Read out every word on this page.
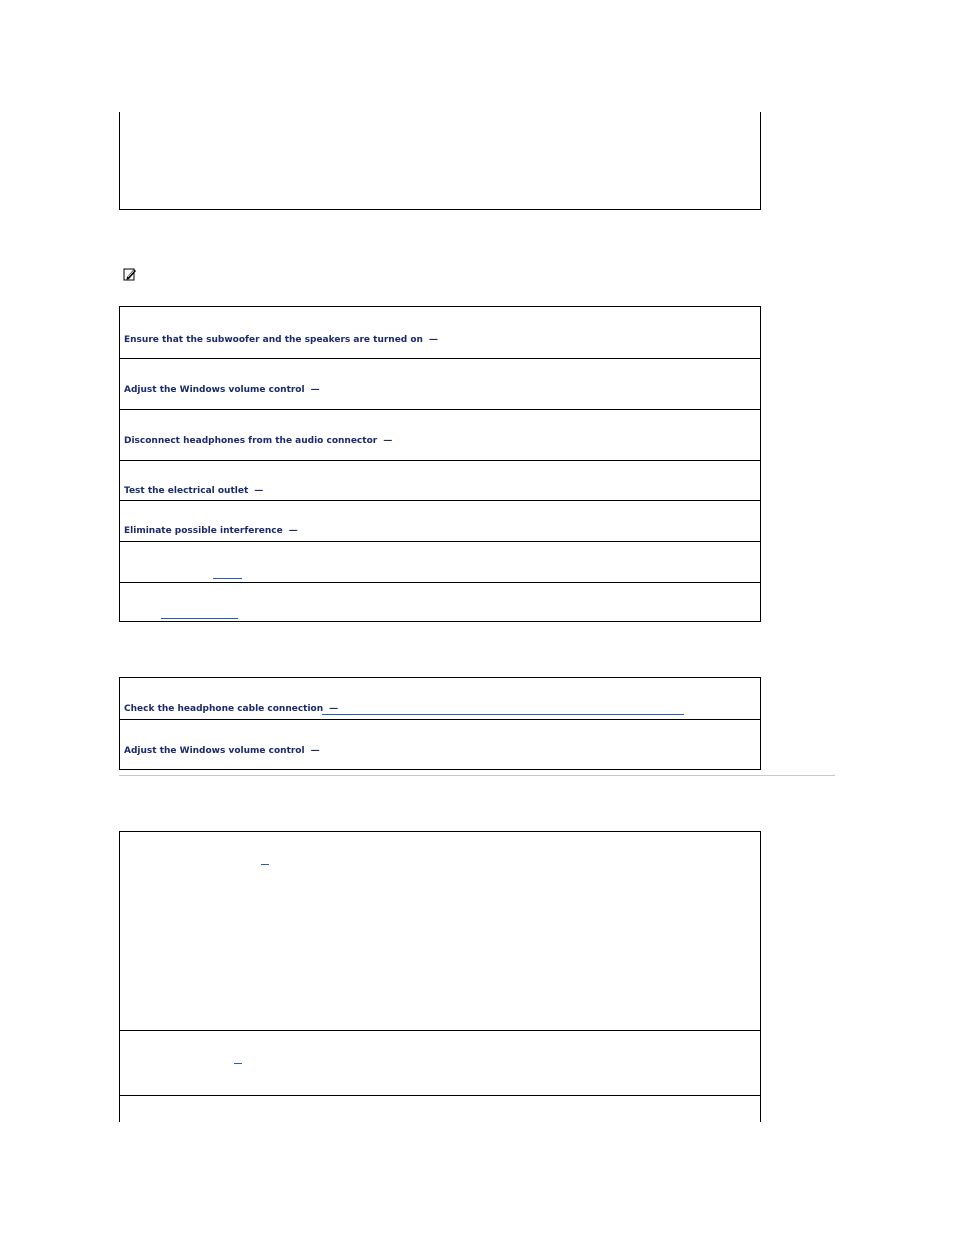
Ensure that the subwoofer and the speakers are turned on —
Adjust the Windows volume control —
Disconnect headphones from the audio connector —
Test the electrical outlet —
Eliminate possible interference —
Check the headphone cable connection —
Adjust the Windows volume control —
